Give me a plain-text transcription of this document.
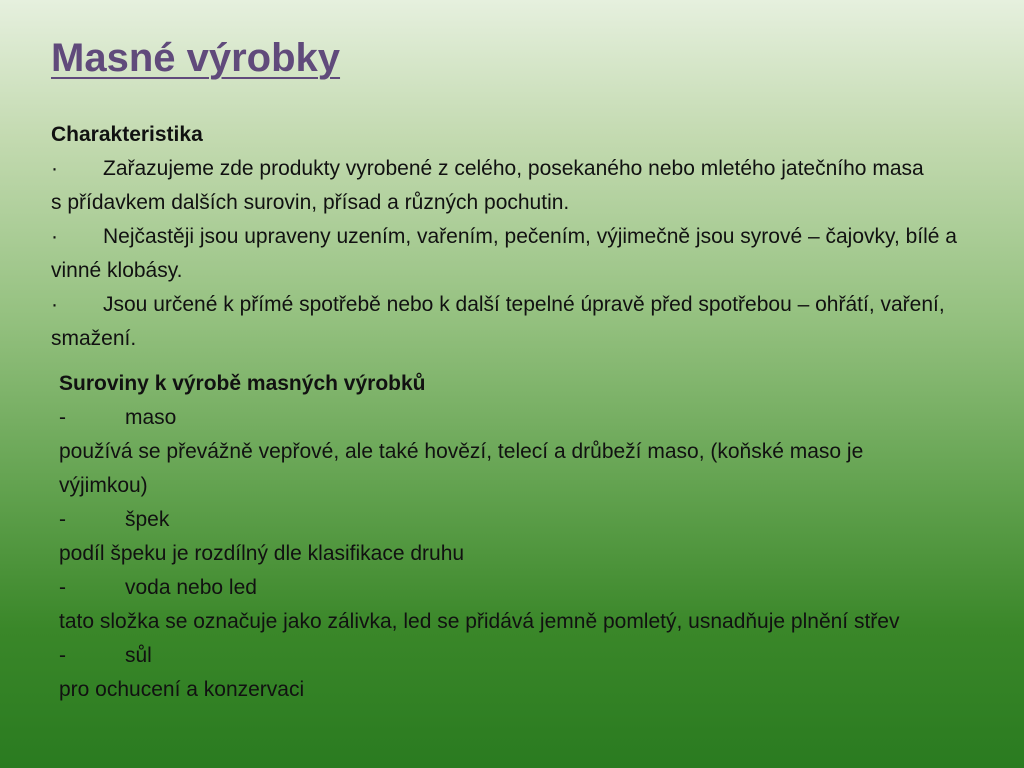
Masné výrobky

Charakteristika

· Zařazujeme zde produkty vyrobené z celého, posekaného nebo mletého jatečního masa s přídavkem dalších surovin, přísad a různých pochutin.

· Nejčastěji jsou upraveny uzením, vařením, pečením, výjimečně jsou syrové – čajovky, bílé a vinné klobásy.

· Jsou určené k přímé spotřebě nebo k další tepelné úpravě před spotřebou – ohřátí, vaření, smažení.

Suroviny k výrobě masných výrobků

-	maso

používá se převážně vepřové, ale také hovězí, telecí a drůbeží maso, (koňské maso je výjimkou)

-	špek

podíl špeku je rozdílný dle klasifikace druhu

-	voda nebo led

tato složka se označuje jako zálivka, led se přidává jemně pomletý, usnadňuje plnění střev

-	sůl

pro ochucení a konzervaci
